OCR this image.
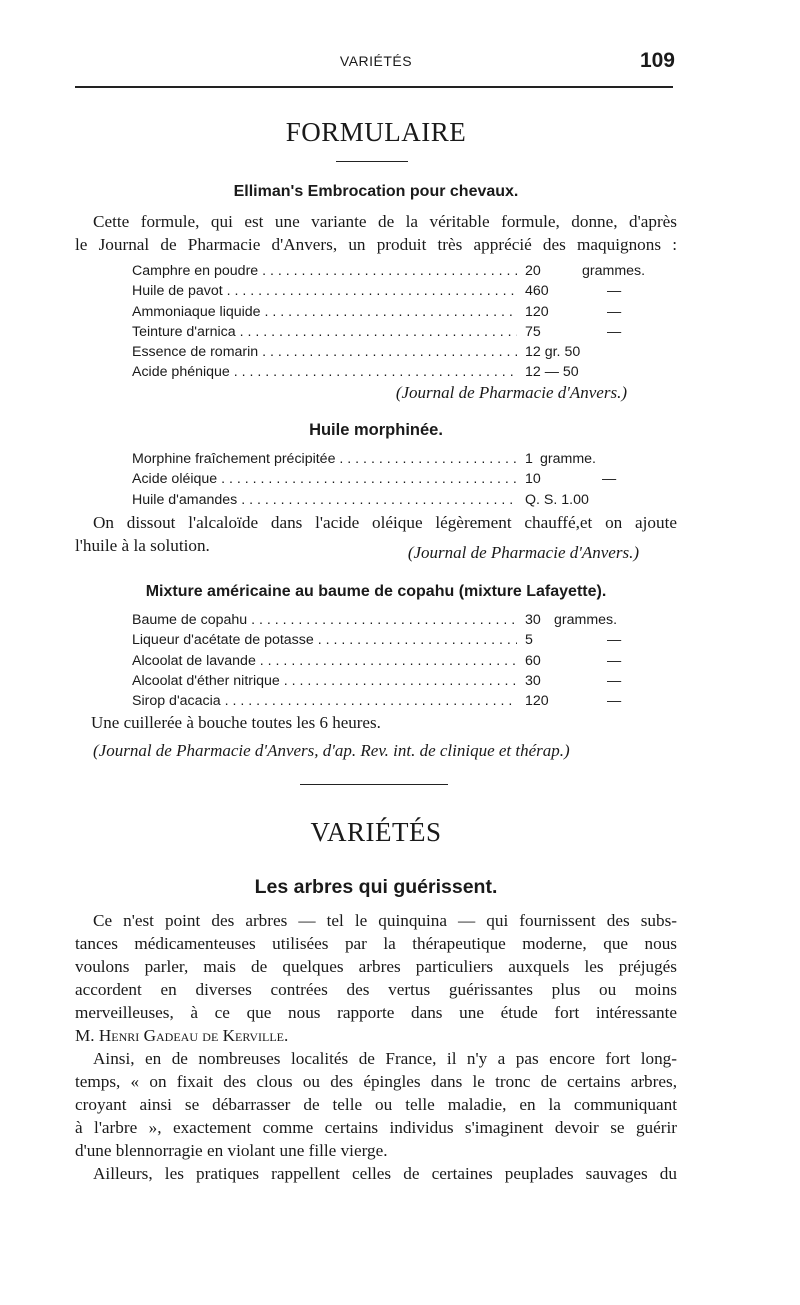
VARIÉTÉS	109
FORMULAIRE
Elliman's Embrocation pour chevaux.
Cette formule, qui est une variante de la véritable formule, donne, d'après
le Journal de Pharmacie d'Anvers, un produit très apprécié des maquignons :
Camphre en poudre . . .	20	grammes.
Huile de pavot . . .	460	—
Ammoniaque liquide . . .	120	—
Teinture d'arnica . . .	75	—
Essence de romarin . . .	12 gr. 50
Acide phénique . . .	12 — 50
(Journal de Pharmacie d'Anvers.)
Huile morphinée.
Morphine fraîchement précipitée . . .	1 gramme.
Acide oléique . . .	10	—
Huile d'amandes . . .	Q. S. 1.00
On dissout l'alcaloïde dans l'acide oléique légèrement chauffé,et on ajoute
l'huile à la solution.	(Journal de Pharmacie d'Anvers.)
Mixture américaine au baume de copahu (mixture Lafayette).
Baume de copahu . . .	30 grammes.
Liqueur d'acétate de potasse . . .	5	—
Alcoolat de lavande . . .	60	—
Alcoolat d'éther nitrique . . .	30	—
Sirop d'acacia . . .	120	—
Une cuillerée à bouche toutes les 6 heures.
(Journal de Pharmacie d'Anvers, d'ap. Rev. int. de clinique et thérap.)
VARIÉTÉS
Les arbres qui guérissent.
Ce n'est point des arbres — tel le quinquina — qui fournissent des subs-
tances médicamenteuses utilisées par la thérapeutique moderne, que nous
voulons parler, mais de quelques arbres particuliers auxquels les préjugés
accordent en diverses contrées des vertus guérissantes plus ou moins
merveilleuses, à ce que nous rapporte dans une étude fort intéressante
M. Henri Gadeau de Kerville.
Ainsi, en de nombreuses localités de France, il n'y a pas encore fort long-
temps, « on fixait des clous ou des épingles dans le tronc de certains arbres,
croyant ainsi se débarrasser de telle ou telle maladie, en la communiquant
à l'arbre », exactement comme certains individus s'imaginent devoir se guérir
d'une blennorragie en violant une fille vierge.
Ailleurs, les pratiques rappellent celles de certaines peuplades sauvages du
